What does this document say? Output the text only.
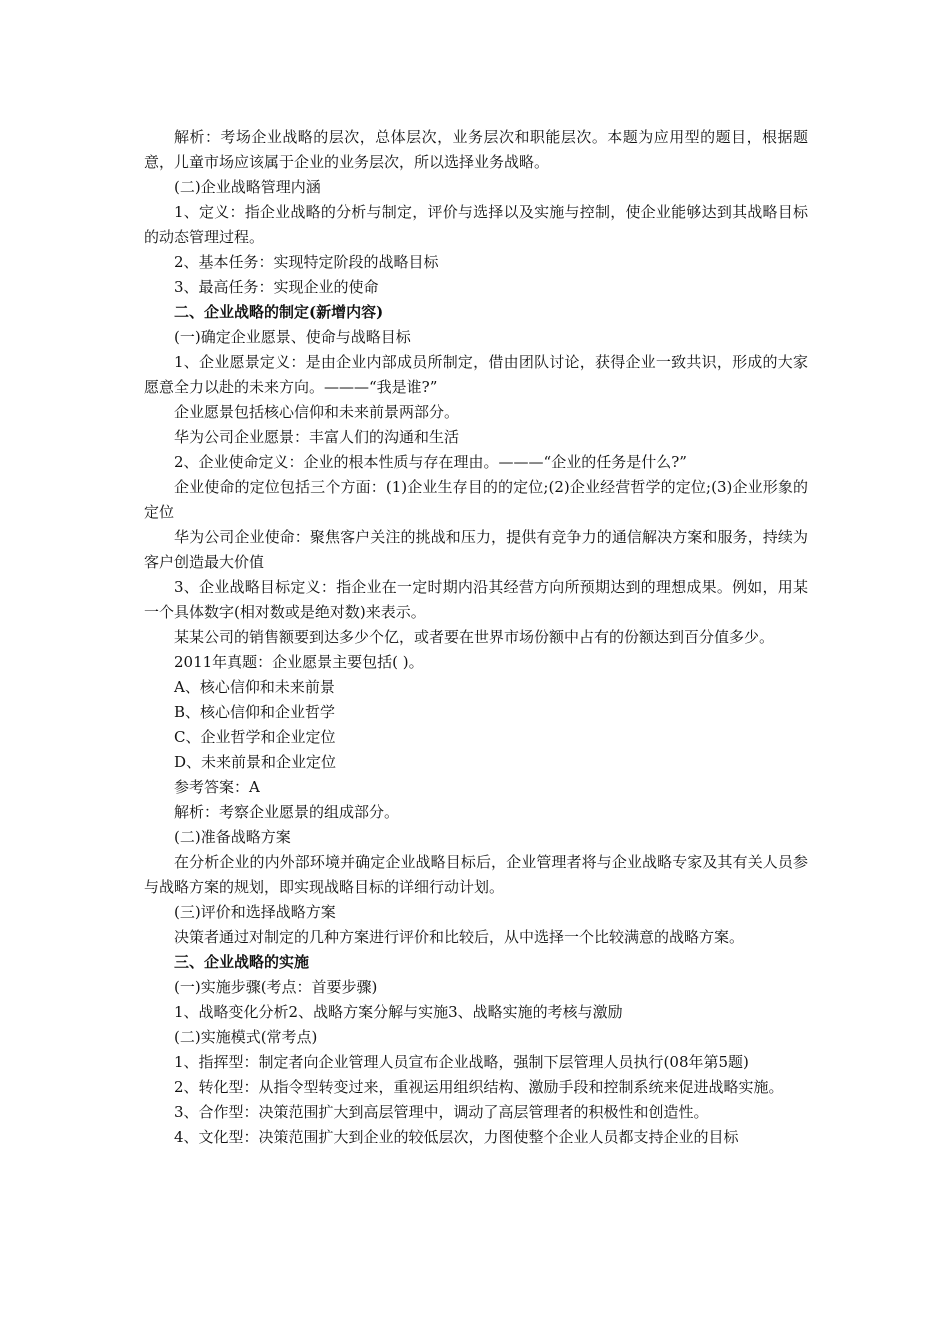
解析：考场企业战略的层次，总体层次，业务层次和职能层次。本题为应用型的题目，根据题意，儿童市场应该属于企业的业务层次，所以选择业务战略。

(二)企业战略管理内涵

1、定义：指企业战略的分析与制定，评价与选择以及实施与控制，使企业能够达到其战略目标的动态管理过程。

2、基本任务：实现特定阶段的战略目标

3、最高任务：实现企业的使命

二、企业战略的制定(新增内容)

(一)确定企业愿景、使命与战略目标

1、企业愿景定义：是由企业内部成员所制定，借由团队讨论，获得企业一致共识，形成的大家愿意全力以赴的未来方向。———“我是谁?”

企业愿景包括核心信仰和未来前景两部分。

华为公司企业愿景：丰富人们的沟通和生活

2、企业使命定义：企业的根本性质与存在理由。———“企业的任务是什么?”

企业使命的定位包括三个方面：(1)企业生存目的的定位;(2)企业经营哲学的定位;(3)企业形象的定位

华为公司企业使命：聚焦客户关注的挑战和压力，提供有竞争力的通信解决方案和服务，持续为客户创造最大价值

3、企业战略目标定义：指企业在一定时期内沿其经营方向所预期达到的理想成果。例如，用某一个具体数字(相对数或是绝对数)来表示。

某某公司的销售额要到达多少个亿，或者要在世界市场份额中占有的份额达到百分值多少。

2011年真题：企业愿景主要包括( )。

A、核心信仰和未来前景

B、核心信仰和企业哲学

C、企业哲学和企业定位

D、未来前景和企业定位

参考答案：A

解析：考察企业愿景的组成部分。

(二)准备战略方案

在分析企业的内外部环境并确定企业战略目标后，企业管理者将与企业战略专家及其有关人员参与战略方案的规划，即实现战略目标的详细行动计划。

(三)评价和选择战略方案

决策者通过对制定的几种方案进行评价和比较后，从中选择一个比较满意的战略方案。

三、企业战略的实施

(一)实施步骤(考点：首要步骤)

1、战略变化分析2、战略方案分解与实施3、战略实施的考核与激励

(二)实施模式(常考点)

1、指挥型：制定者向企业管理人员宣布企业战略，强制下层管理人员执行(08年第5题)

2、转化型：从指令型转变过来，重视运用组织结构、激励手段和控制系统来促进战略实施。

3、合作型：决策范围扩大到高层管理中，调动了高层管理者的积极性和创造性。

4、文化型：决策范围扩大到企业的较低层次，力图使整个企业人员都支持企业的目标
